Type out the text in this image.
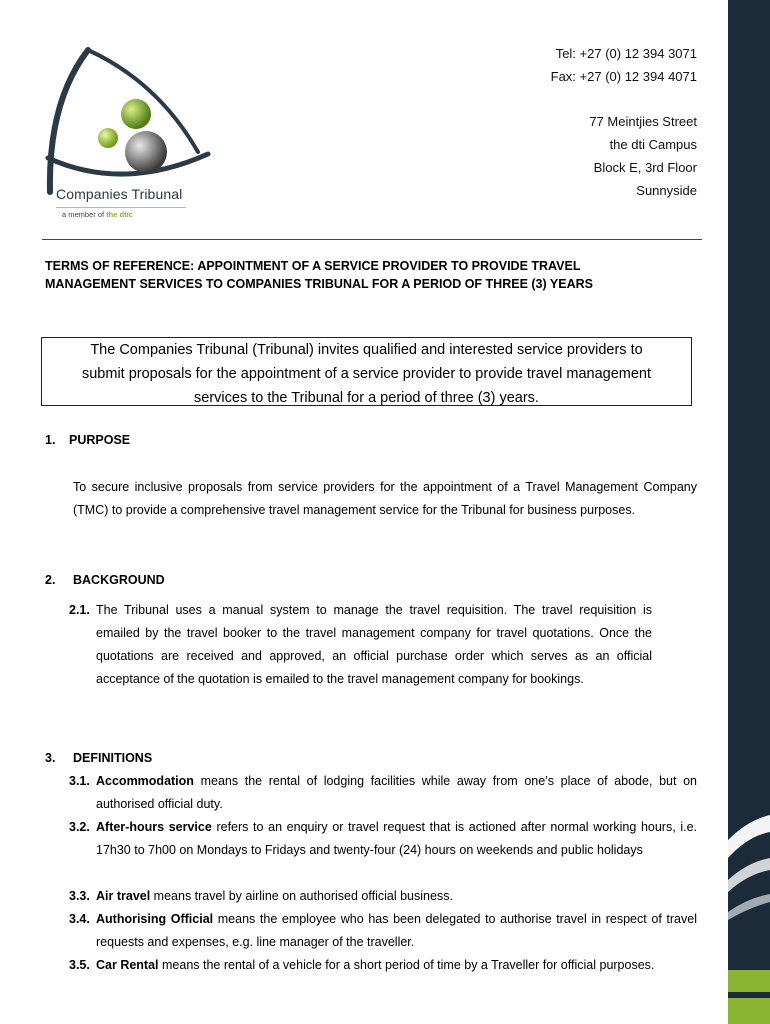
Companies Tribunal
a member of the dtic
Tel: +27 (0) 12 394 3071
Fax: +27 (0) 12 394 4071
77 Meintjies Street
the dti Campus
Block E, 3rd Floor
Sunnyside
TERMS OF REFERENCE: APPOINTMENT OF A SERVICE PROVIDER TO PROVIDE TRAVEL
MANAGEMENT SERVICES TO COMPANIES TRIBUNAL FOR A PERIOD OF THREE (3) YEARS
The Companies Tribunal (Tribunal) invites qualified and interested service providers to
submit proposals for the appointment of a service provider to provide travel management
services to the Tribunal for a period of three (3) years.
1. PURPOSE
To secure inclusive proposals from service providers for the appointment of a Travel Management Company (TMC) to provide a comprehensive travel management service for the Tribunal for business purposes.
2. BACKGROUND
2.1. The Tribunal uses a manual system to manage the travel requisition. The travel requisition is emailed by the travel booker to the travel management company for travel quotations. Once the quotations are received and approved, an official purchase order which serves as an official acceptance of the quotation is emailed to the travel management company for bookings.
3. DEFINITIONS
3.1. Accommodation means the rental of lodging facilities while away from one’s place of abode, but on authorised official duty.
3.2. After-hours service refers to an enquiry or travel request that is actioned after normal working hours, i.e. 17h30 to 7h00 on Mondays to Fridays and twenty-four (24) hours on weekends and public holidays
3.3. Air travel means travel by airline on authorised official business.
3.4. Authorising Official means the employee who has been delegated to authorise travel in respect of travel requests and expenses, e.g. line manager of the traveller.
3.5. Car Rental means the rental of a vehicle for a short period of time by a Traveller for official purposes.
